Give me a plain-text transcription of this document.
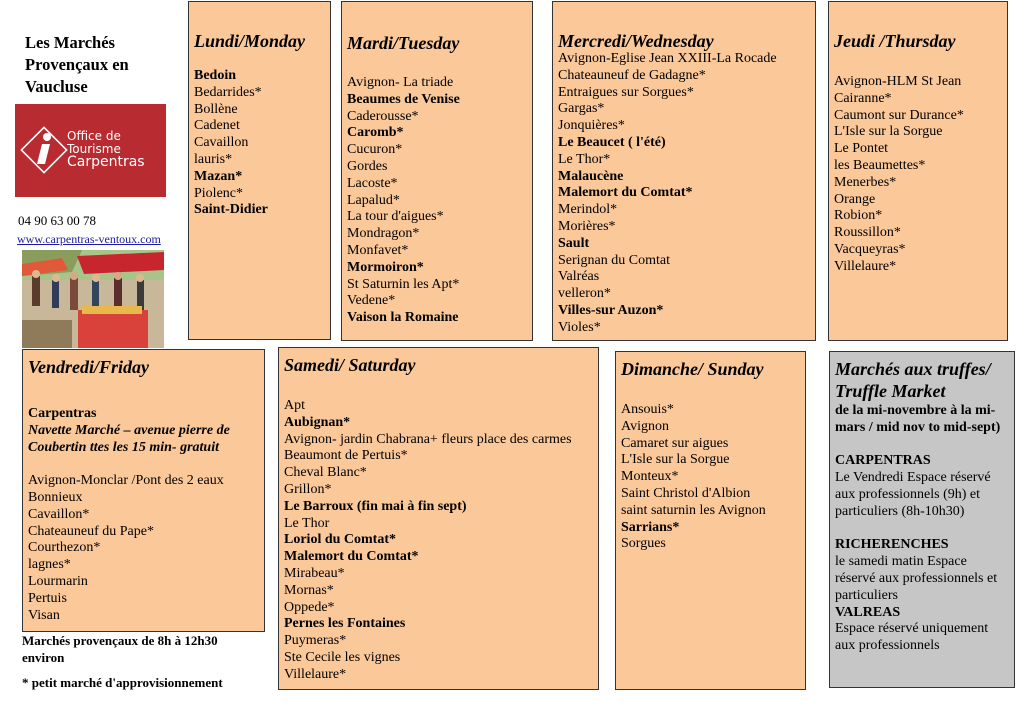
Les Marchés
Provençaux en
Vaucluse
Office de
Tourisme
Carpentras
04 90 63 00 78
www.carpentras-ventoux.com
Lundi/Monday
Bedoin
Bedarrides*
Bollène
Cadenet
Cavaillon
lauris*
Mazan*
Piolenc*
Saint-Didier
Mardi/Tuesday
Avignon- La triade
Beaumes de Venise
Caderousse*
Caromb*
Cucuron*
Gordes
Lacoste*
Lapalud*
La tour d'aigues*
Mondragon*
Monfavet*
Mormoiron*
St Saturnin les Apt*
Vedene*
Vaison la Romaine
Mercredi/Wednesday
Avignon-Eglise Jean XXIII-La Rocade
Chateauneuf de Gadagne*
Entraigues sur Sorgues*
Gargas*
Jonquières*
Le Beaucet ( l'été)
Le Thor*
Malaucène
Malemort du Comtat*
Merindol*
Morières*
Sault
Serignan du Comtat
Valréas
velleron*
Villes-sur Auzon*
Violes*
Jeudi /Thursday
Avignon-HLM St Jean
Cairanne*
Caumont sur Durance*
L'Isle sur la Sorgue
Le Pontet
les Beaumettes*
Menerbes*
Orange
Robion*
Roussillon*
Vacqueyras*
Villelaure*
Vendredi/Friday
Carpentras
Navette Marché – avenue pierre de
Coubertin ttes les 15 min- gratuit
Avignon-Monclar /Pont des 2 eaux
Bonnieux
Cavaillon*
Chateauneuf du Pape*
Courthezon*
lagnes*
Lourmarin
Pertuis
Visan
Samedi/ Saturday
Apt
Aubignan*
Avignon- jardin Chabrana+ fleurs place des carmes
Beaumont de Pertuis*
Cheval Blanc*
Grillon*
Le Barroux (fin mai à fin sept)
Le Thor
Loriol du Comtat*
Malemort du Comtat*
Mirabeau*
Mornas*
Oppede*
Pernes les Fontaines
Puymeras*
Ste Cecile les vignes
Villelaure*
Dimanche/ Sunday
Ansouis*
Avignon
Camaret sur aigues
L'Isle sur la Sorgue
Monteux*
Saint Christol d'Albion
saint saturnin les Avignon
Sarrians*
Sorgues
Marchés aux truffes/
Truffle Market
de la mi-novembre à la mi-
mars / mid nov to mid-sept)
CARPENTRAS
Le Vendredi Espace réservé
aux professionnels (9h) et
particuliers (8h-10h30)
RICHERENCHES
le samedi matin Espace
réservé aux professionnels et
particuliers
VALREAS
Espace réservé uniquement
aux professionnels
Marchés provençaux de 8h à 12h30
environ
* petit marché d'approvisionnement
